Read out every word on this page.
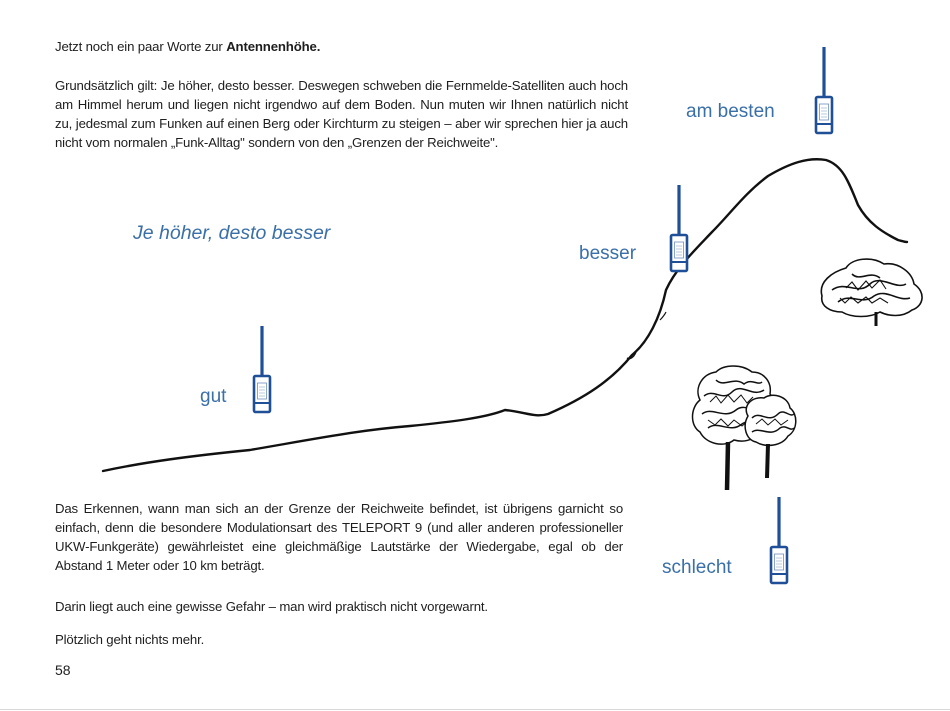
Jetzt noch ein paar Worte zur Antennenhöhe.

Grundsätzlich gilt: Je höher, desto besser. Deswegen schweben die Fernmelde-Satelliten auch hoch am Himmel herum und liegen nicht irgendwo auf dem Boden. Nun muten wir Ihnen natürlich nicht zu, jedesmal zum Funken auf einen Berg oder Kirchturm zu steigen – aber wir sprechen hier ja auch nicht vom normalen „Funk-Alltag" sondern von den „Grenzen der Reichweite".

Je höher, desto besser
gut
besser
am besten
schlecht

Das Erkennen, wann man sich an der Grenze der Reichweite befindet, ist übrigens garnicht so einfach, denn die besondere Modulationsart des TELEPORT 9 (und aller anderen professioneller UKW-Funkgeräte) gewährleistet eine gleichmäßige Lautstärke der Wiedergabe, egal ob der Abstand 1 Meter oder 10 km beträgt.

Darin liegt auch eine gewisse Gefahr – man wird praktisch nicht vorgewarnt.

Plötzlich geht nichts mehr.

58
